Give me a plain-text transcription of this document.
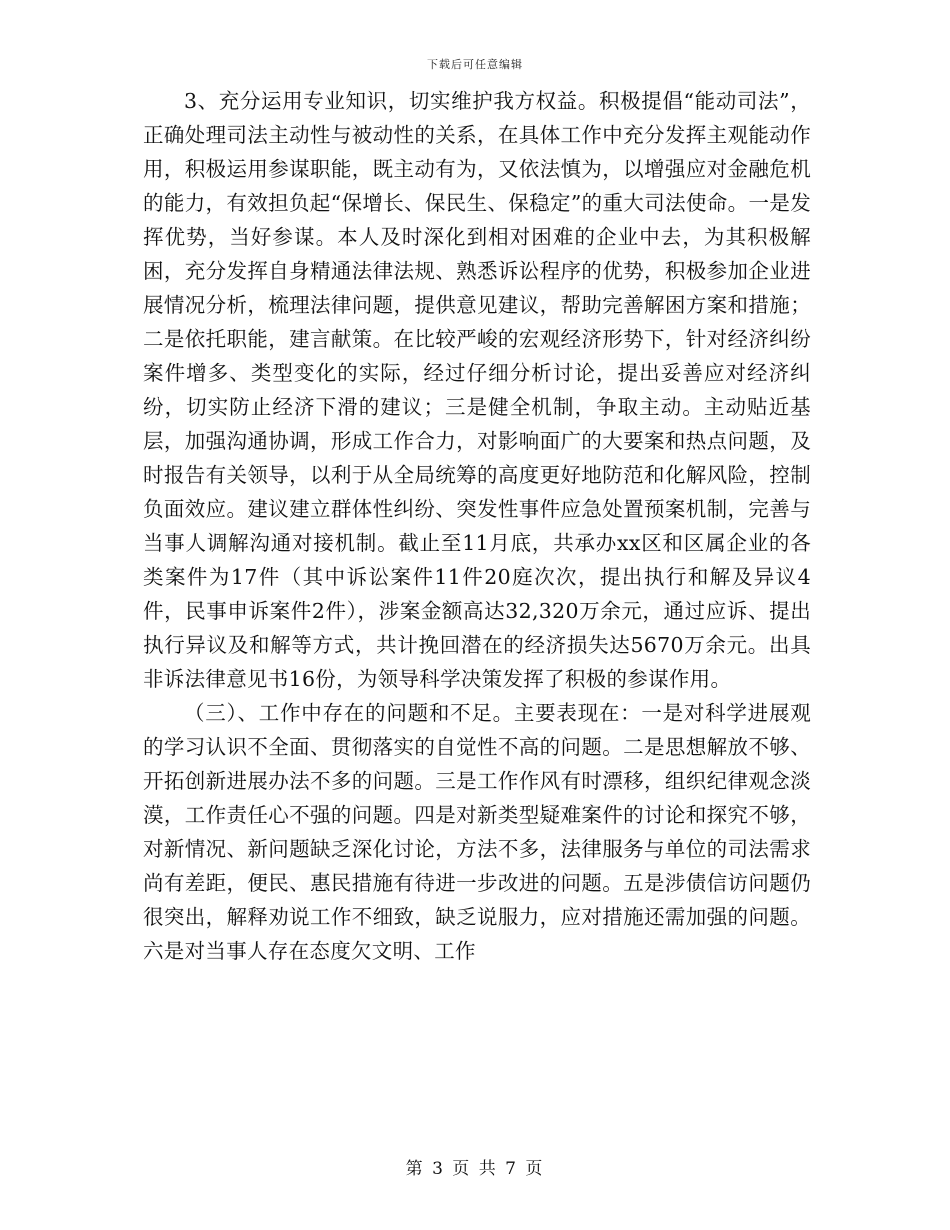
下载后可任意编辑

3、充分运用专业知识，切实维护我方权益。积极提倡“能动司法”，正确处理司法主动性与被动性的关系，在具体工作中充分发挥主观能动作用，积极运用参谋职能，既主动有为，又依法慎为，以增强应对金融危机的能力，有效担负起“保增长、保民生、保稳定”的重大司法使命。一是发挥优势，当好参谋。本人及时深化到相对困难的企业中去，为其积极解困，充分发挥自身精通法律法规、熟悉诉讼程序的优势，积极参加企业进展情况分析，梳理法律问题，提供意见建议，帮助完善解困方案和措施；二是依托职能，建言献策。在比较严峻的宏观经济形势下，针对经济纠纷案件增多、类型变化的实际，经过仔细分析讨论，提出妥善应对经济纠纷，切实防止经济下滑的建议；三是健全机制，争取主动。主动贴近基层，加强沟通协调，形成工作合力，对影响面广的大要案和热点问题，及时报告有关领导，以利于从全局统筹的高度更好地防范和化解风险，控制负面效应。建议建立群体性纠纷、突发性事件应急处置预案机制，完善与当事人调解沟通对接机制。截止至11月底，共承办xx区和区属企业的各类案件为17件（其中诉讼案件11件20庭次次，提出执行和解及异议4件，民事申诉案件2件），涉案金额高达32,320万余元，通过应诉、提出执行异议及和解等方式，共计挽回潜在的经济损失达5670万余元。出具非诉法律意见书16份，为领导科学决策发挥了积极的参谋作用。

（三）、工作中存在的问题和不足。主要表现在：一是对科学进展观的学习认识不全面、贯彻落实的自觉性不高的问题。二是思想解放不够、开拓创新进展办法不多的问题。三是工作作风有时漂移，组织纪律观念淡漠，工作责任心不强的问题。四是对新类型疑难案件的讨论和探究不够，对新情况、新问题缺乏深化讨论，方法不多，法律服务与单位的司法需求尚有差距，便民、惠民措施有待进一步改进的问题。五是涉债信访问题仍很突出，解释劝说工作不细致，缺乏说服力，应对措施还需加强的问题。六是对当事人存在态度欠文明、工作

第 3 页 共 7 页
